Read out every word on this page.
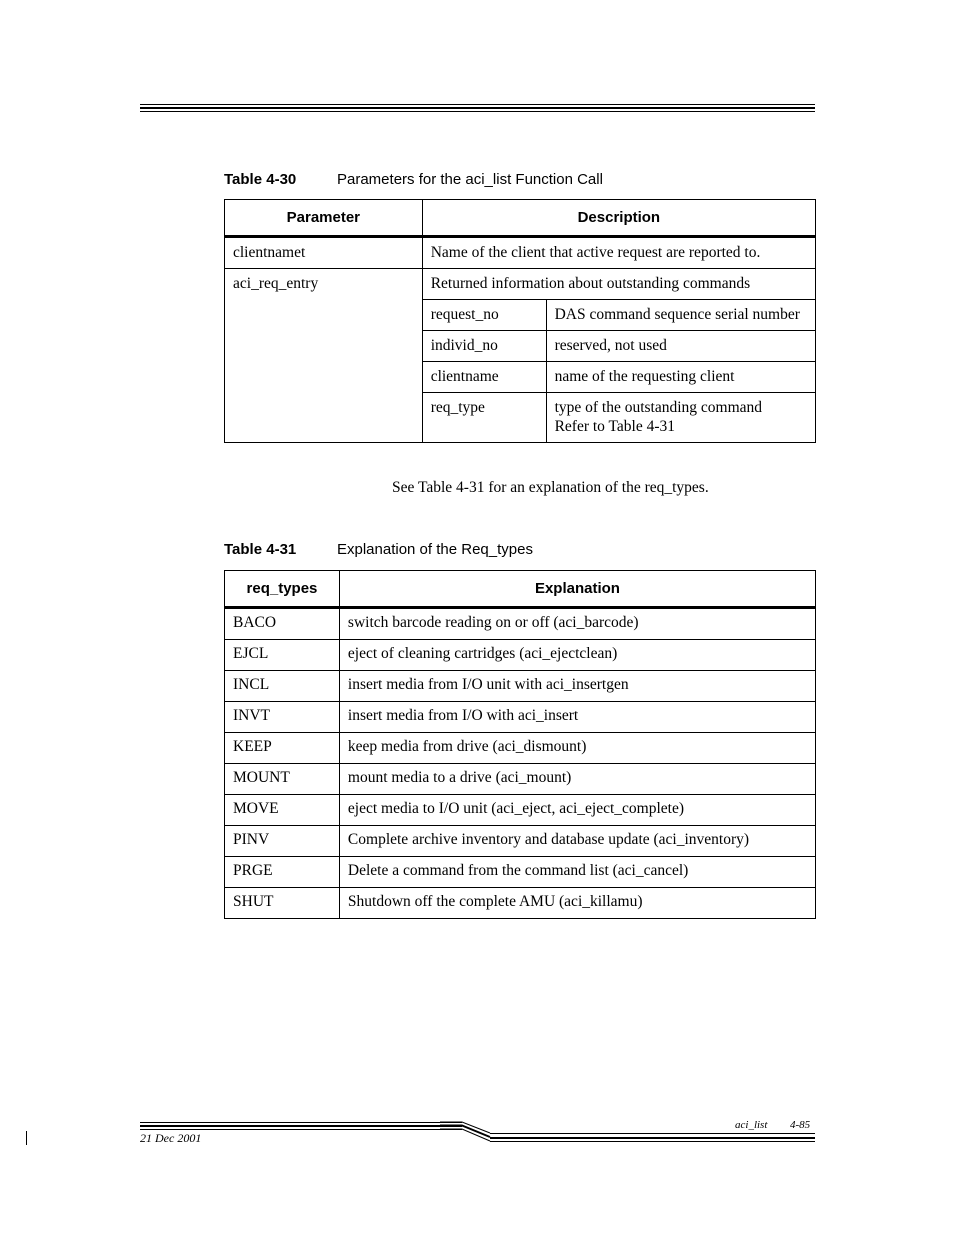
Table 4-30	Parameters for the aci_list Function Call
Parameter	Description	
clientnamet	Name of the client that active request are reported to.	
aci_req_entry	Returned information about outstanding commands	
	request_no	DAS command sequence serial number
	individ_no	reserved, not used
	clientname	name of the requesting client
	req_type	type of the outstanding command
Refer to Table 4-31
See Table 4-31 for an explanation of the req_types.
Table 4-31	Explanation of the Req_types
req_types	Explanation
BACO	switch barcode reading on or off (aci_barcode)
EJCL	eject of cleaning cartridges (aci_ejectclean)
INCL	insert media from I/O unit with aci_insertgen
INVT	insert media from I/O with aci_insert
KEEP	keep media from drive (aci_dismount)
MOUNT	mount media to a drive (aci_mount)
MOVE	eject media to I/O unit (aci_eject, aci_eject_complete)
PINV	Complete archive inventory and database update (aci_inventory)
PRGE	Delete a command from the command list (aci_cancel)
SHUT	Shutdown off the complete AMU (aci_killamu)
aci_list 4-85
21 Dec 2001
